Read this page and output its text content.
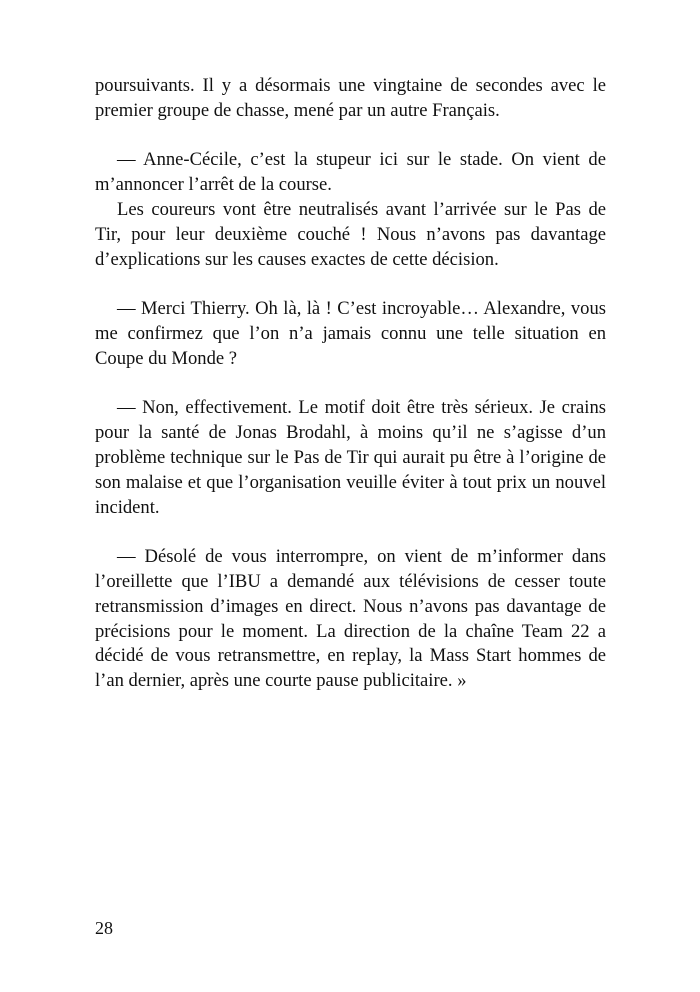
poursuivants. Il y a désormais une vingtaine de secondes avec le premier groupe de chasse, mené par un autre Français.

— Anne-Cécile, c’est la stupeur ici sur le stade. On vient de m’annoncer l’arrêt de la course.

Les coureurs vont être neutralisés avant l’arrivée sur le Pas de Tir, pour leur deuxième couché ! Nous n’avons pas davantage d’explications sur les causes exactes de cette décision.

— Merci Thierry. Oh là, là ! C’est incroyable… Alexandre, vous me confirmez que l’on n’a jamais connu une telle situation en Coupe du Monde ?

— Non, effectivement. Le motif doit être très sérieux. Je crains pour la santé de Jonas Brodahl, à moins qu’il ne s’agisse d’un problème technique sur le Pas de Tir qui aurait pu être à l’origine de son malaise et que l’organisation veuille éviter à tout prix un nouvel incident.

— Désolé de vous interrompre, on vient de m’informer dans l’oreillette que l’IBU a demandé aux télévisions de cesser toute retransmission d’images en direct. Nous n’avons pas davantage de précisions pour le moment. La direction de la chaîne Team 22 a décidé de vous retransmettre, en replay, la Mass Start hommes de l’an dernier, après une courte pause publicitaire. »

28
